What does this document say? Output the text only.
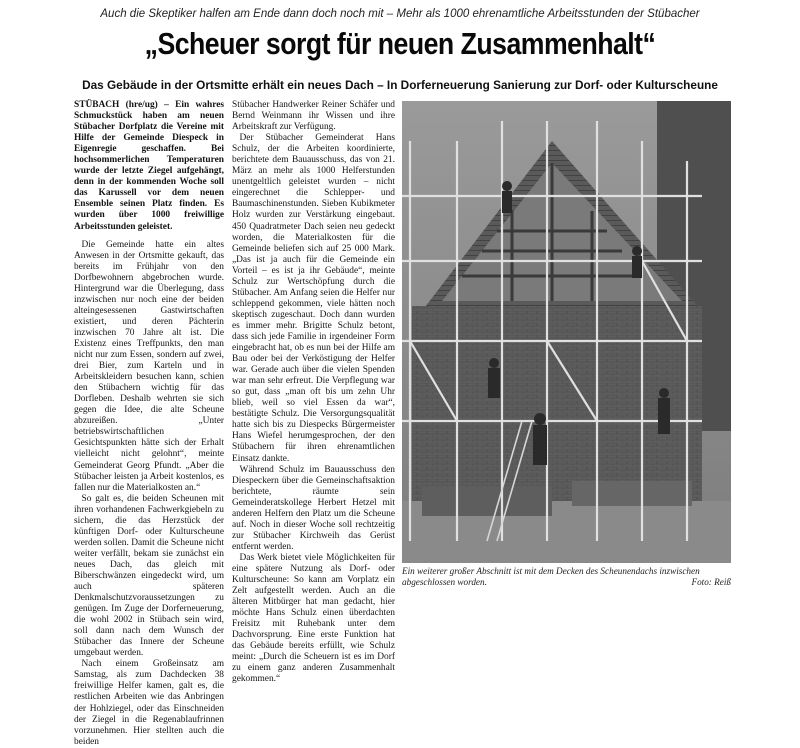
Auch die Skeptiker halfen am Ende dann doch noch mit – Mehr als 1000 ehrenamtliche Arbeitsstunden der Stübacher
„Scheuer sorgt für neuen Zusammenhalt“
Das Gebäude in der Ortsmitte erhält ein neues Dach – In Dorferneuerung Sanierung zur Dorf- oder Kulturscheune

STÜBACH (hre/ug) – Ein wahres Schmuckstück haben am neuen Stübacher Dorfplatz die Vereine mit Hilfe der Gemeinde Diespeck in Eigenregie geschaffen. Bei hochsommerlichen Temperaturen wurde der letzte Ziegel aufgehängt, denn in der kommenden Woche soll das Karussell vor dem neuen Ensemble seinen Platz finden. Es wurden über 1000 freiwillige Arbeitsstunden geleistet.

Die Gemeinde hatte ein altes Anwesen in der Ortsmitte gekauft, das bereits im Frühjahr von den Dorfbewohnern abgebrochen wurde. Hintergrund war die Überlegung, dass inzwischen nur noch eine der beiden alteingesessenen Gastwirtschaften existiert, und deren Pächterin inzwischen 70 Jahre alt ist. Die Existenz eines Treffpunkts, den man nicht nur zum Essen, sondern auf zwei, drei Bier, zum Karteln und in Arbeitskleidern besuchen kann, schien den Stübachern wichtig für das Dorfleben. Deshalb wehrten sie sich gegen die Idee, die alte Scheune abzureißen. „Unter betriebswirtschaftlichen Gesichtspunkten hätte sich der Erhalt vielleicht nicht gelohnt“, meinte Gemeinderat Georg Pfundt. „Aber die Stübacher leisten ja Arbeit kostenlos, es fallen nur die Materialkosten an.“

So galt es, die beiden Scheunen mit ihren vorhandenen Fachwerkgiebeln zu sichern, die das Herzstück der künftigen Dorf- oder Kulturscheune werden sollen. Damit die Scheune nicht weiter verfällt, bekam sie zunächst ein neues Dach, das gleich mit Biberschwänzen eingedeckt wird, um auch späteren Denkmalschutzvoraussetzungen zu genügen. Im Zuge der Dorferneuerung, die wohl 2002 in Stübach sein wird, soll dann nach dem Wunsch der Stübacher das Innere der Scheune umgebaut werden.

Nach einem Großeinsatz am Samstag, als zum Dachdecken 38 freiwillige Helfer kamen, galt es, die restlichen Arbeiten wie das Anbringen der Hohlziegel, oder das Einschneiden der Ziegel in die Regenablaufrinnen vorzunehmen. Hier stellten auch die beiden

Stübacher Handwerker Reiner Schäfer und Bernd Weinmann ihr Wissen und ihre Arbeitskraft zur Verfügung.

Der Stübacher Gemeinderat Hans Schulz, der die Arbeiten koordinierte, berichtete dem Bauausschuss, das von 21. März an mehr als 1000 Helferstunden unentgeltlich geleistet wurden – nicht eingerechnet die Schlepper- und Baumaschinenstunden. Sieben Kubikmeter Holz wurden zur Verstärkung eingebaut. 450 Quadratmeter Dach seien neu gedeckt worden, die Materialkosten für die Gemeinde beliefen sich auf 25 000 Mark. „Das ist ja auch für die Gemeinde ein Vorteil – es ist ja ihr Gebäude“, meinte Schulz zur Wertschöpfung durch die Stübacher. Am Anfang seien die Helfer nur schleppend gekommen, viele hätten noch skeptisch zugeschaut. Doch dann wurden es immer mehr. Brigitte Schulz betont, dass sich jede Familie in irgendeiner Form eingebracht hat, ob es nun bei der Hilfe am Bau oder bei der Verköstigung der Helfer war. Gerade auch über die vielen Spenden war man sehr erfreut. Die Verpflegung war so gut, dass „man oft bis um zehn Uhr blieb, weil so viel Essen da war“, bestätigte Schulz. Die Versorgungsqualität hatte sich bis zu Diespecks Bürgermeister Hans Wiefel herumgesprochen, der den Stübachern für ihren ehrenamtlichen Einsatz dankte.

Während Schulz im Bauausschuss den Diespeckern über die Gemeinschaftsaktion berichtete, räumte sein Gemeinderatskollege Herbert Hetzel mit anderen Helfern den Platz um die Scheune auf. Noch in dieser Woche soll rechtzeitig zur Stübacher Kirchweih das Gerüst entfernt werden.

Das Werk bietet viele Möglichkeiten für eine spätere Nutzung als Dorf- oder Kulturscheune: So kann am Vorplatz ein Zelt aufgestellt werden. Auch an die älteren Mitbürger hat man gedacht, hier möchte Hans Schulz einen überdachten Freisitz mit Ruhebank unter dem Dachvorsprung. Eine erste Funktion hat das Gebäude bereits erfüllt, wie Schulz meint: „Durch die Scheuern ist es im Dorf zu einem ganz anderen Zusammenhalt gekommen.“

Ein weiterer großer Abschnitt ist mit dem Decken des Scheunendachs inzwischen abgeschlossen worden.	Foto: Reiß
